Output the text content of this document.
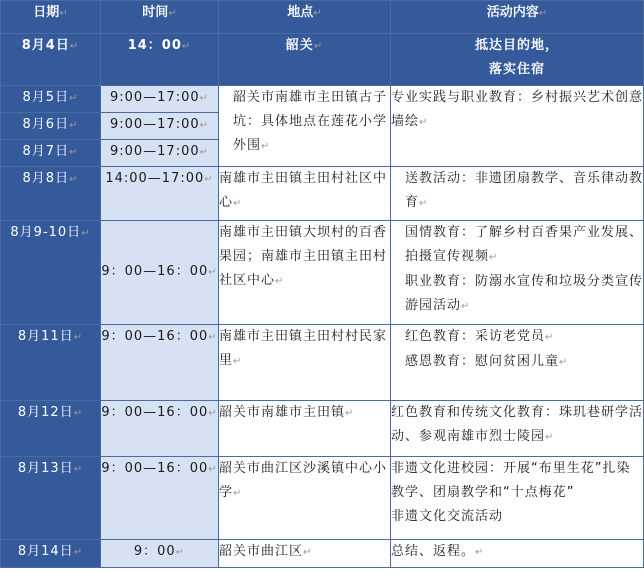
日期↵	时间↵	地点↵	活动内容↵
8月4日↵	14：00↵	韶关↵	抵达目的地，

落实住宿

8月5日↵	9:00—17:00↵	韶关市南雄市主田镇古子坑：具体地点在莲花小学外围↵	专业实践与职业教育：乡村振兴艺术创意墙绘↵
8月6日↵	9:00—17:00↵		
8月7日↵	9:00—17:00↵		
8月8日↵	14:00—17:00↵	南雄市主田镇主田村社区中心↵	送教活动：非遗团扇教学、音乐律动教育↵
8月9-10日↵	9：00—16：00↵	南雄市主田镇大坝村的百香果园；南雄市主田镇主田村社区中心↵	国情教育：了解乡村百香果产业发展、拍摄宣传视频↵

职业教育：防溺水宣传和垃圾分类宣传游园活动↵

8月11日↵	9：00—16：00↵	南雄市主田镇主田村村民家里↵	红色教育：采访老党员↵

感恩教育：慰问贫困儿童↵

8月12日↵	9：00—16：00↵	韶关市南雄市主田镇↵	红色教育和传统文化教育：珠玑巷研学活动、参观南雄市烈士陵园↵
8月13日↵	9：00—16：00↵	韶关市曲江区沙溪镇中心小学↵	非遗文化进校园：开展“布里生花”扎染教学、团扇教学和“十点梅花”

非遗文化交流活动

8月14日↵	9：00↵	韶关市曲江区↵	总结、返程。↵
